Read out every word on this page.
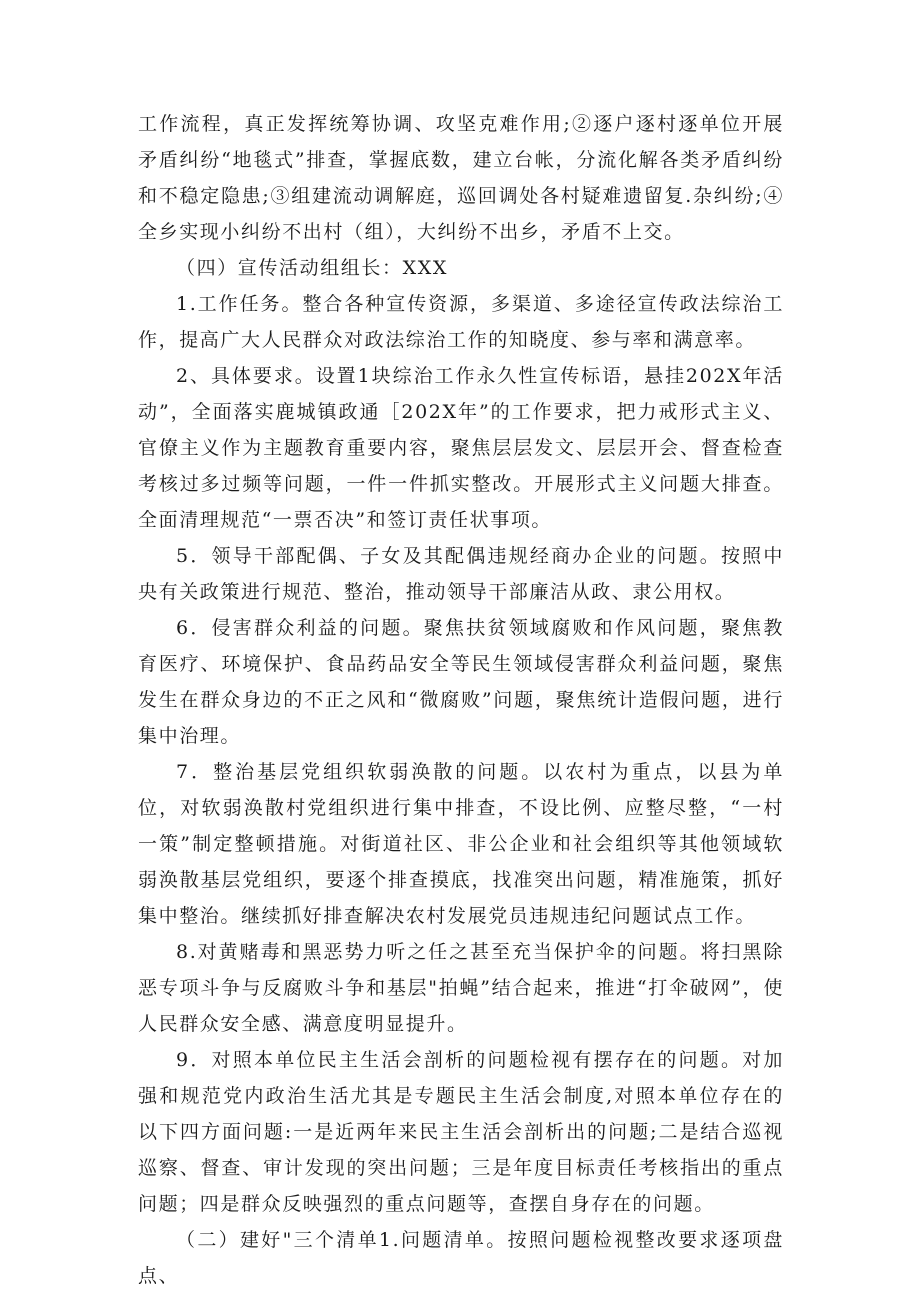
工作流程，真正发挥统筹协调、攻坚克难作用;②逐户逐村逐单位开展矛盾纠纷“地毯式”排查，掌握底数，建立台帐，分流化解各类矛盾纠纷和不稳定隐患;③组建流动调解庭，巡回调处各村疑难遗留复.杂纠纷;④全乡实现小纠纷不出村（组），大纠纷不出乡，矛盾不上交。

（四）宣传活动组组长：XXX

1.工作任务。整合各种宣传资源，多渠道、多途径宣传政法综治工作，提高广大人民群众对政法综治工作的知晓度、参与率和满意率。

2、具体要求。设置1块综治工作永久性宣传标语，悬挂202X年活动”，全面落实鹿城镇政通［202X年”的工作要求，把力戒形式主义、官僚主义作为主题教育重要内容，聚焦层层发文、层层开会、督查检查考核过多过频等问题，一件一件抓实整改。开展形式主义问题大排查。全面清理规范“一票否决”和签订责任状事项。

5．领导干部配偶、子女及其配偶违规经商办企业的问题。按照中央有关政策进行规范、整治，推动领导干部廉洁从政、隶公用权。

6．侵害群众利益的问题。聚焦扶贫领域腐败和作风问题，聚焦教育医疗、环境保护、食品药品安全等民生领域侵害群众利益问题，聚焦发生在群众身边的不正之风和“微腐败”问题，聚焦统计造假问题，进行集中治理。

7．整治基层党组织软弱涣散的问题。以农村为重点，以县为单位，对软弱涣散村党组织进行集中排查，不设比例、应整尽整，“一村一策”制定整顿措施。对街道社区、非公企业和社会组织等其他领域软弱涣散基层党组织，要逐个排查摸底，找准突出问题，精准施策，抓好集中整治。继续抓好排查解决农村发展党员违规违纪问题试点工作。

8.对黄赌毒和黑恶势力听之任之甚至充当保护伞的问题。将扫黑除恶专项斗争与反腐败斗争和基层"拍蝇”结合起来，推进“打伞破网”，使人民群众安全感、满意度明显提升。

9．对照本单位民主生活会剖析的问题检视有摆存在的问题。对加强和规范党内政治生活尤其是专题民主生活会制度,对照本单位存在的以下四方面问题:一是近两年来民主生活会剖析出的问题;二是结合巡视巡察、督查、审计发现的突出问题；三是年度目标责任考核指出的重点问题；四是群众反映强烈的重点问题等，查摆自身存在的问题。

（二）建好"三个清单1.问题清单。按照问题检视整改要求逐项盘点、
